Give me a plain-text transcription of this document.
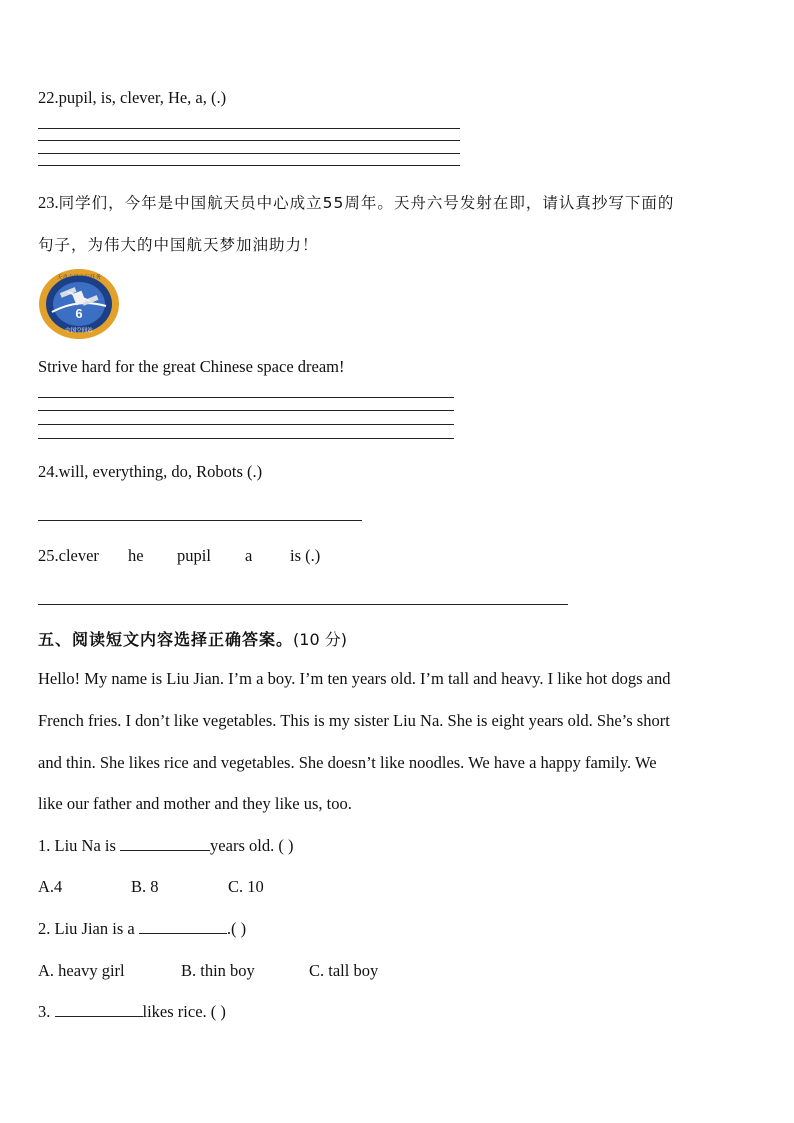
22.pupil, is, clever, He, a, (.)
23.同学们，今年是中国航天员中心成立55周年。天舟六号发射在即，请认真抄写下面的
句子，为伟大的中国航天梦加油助力！
6
天舟六号飞行任务
中国空间站
Strive hard for the great Chinese space dream!
24.will, everything, do, Robots (.)
25.clever he pupil a is (.)
五、阅读短文内容选择正确答案。(10 分)
Hello! My name is Liu Jian. I’m a boy. I’m ten years old. I’m tall and heavy. I like hot dogs and
French fries. I don’t like vegetables. This is my sister Liu Na. She is eight years old. She’s short
and thin. She likes rice and vegetables. She doesn’t like noodles. We have a happy family. We
like our father and mother and they like us, too.
1. Liu Na is	years old. ( )
A.4	B. 8	C. 10
2. Liu Jian is a	.( )
A. heavy girl	B. thin boy	C. tall boy
3.	likes rice. ( )
